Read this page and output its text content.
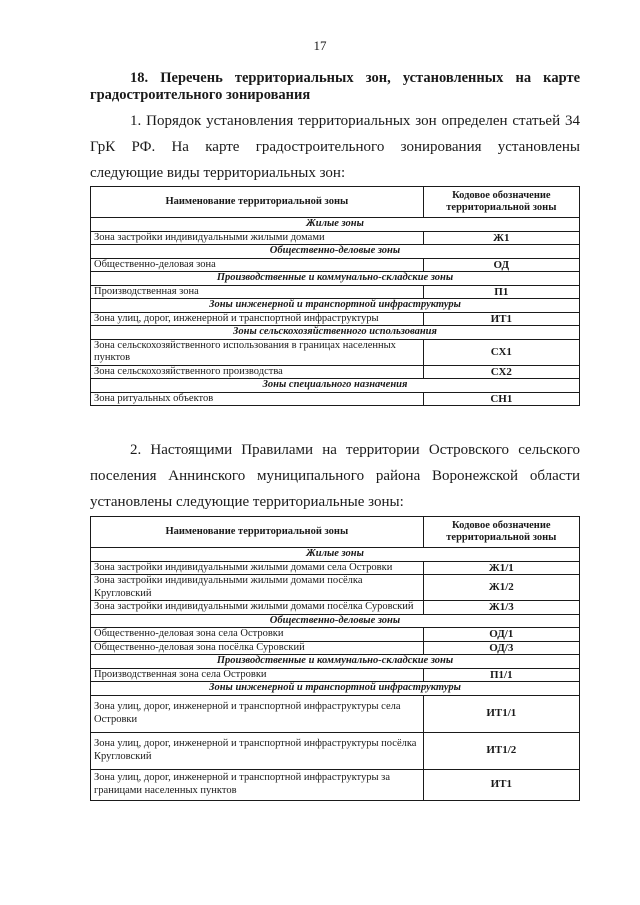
17
18. Перечень территориальных зон, установленных на карте градостроительного зонирования
1. Порядок установления территориальных зон определен статьей 34 ГрК РФ. На карте градостроительного зонирования установлены следующие виды территориальных зон:
Наименование территориальной зоны	Кодовое обозначение территориальной зоны
Жилые зоны	
Зона застройки индивидуальными жилыми домами	Ж1
Общественно-деловые зоны	
Общественно-деловая зона	ОД
Производственные и коммунально-складские зоны	
Производственная зона	П1
Зоны инженерной и транспортной инфраструктуры	
Зона улиц, дорог, инженерной и транспортной инфраструктуры	ИТ1
Зоны сельскохозяйственного использования	
Зона сельскохозяйственного использования в границах населенных пунктов	СХ1
Зона сельскохозяйственного производства	СХ2
Зоны специального назначения	
Зона ритуальных объектов	СН1
2. Настоящими Правилами на территории Островского сельского поселения Аннинского муниципального района Воронежской области установлены следующие территориальные зоны:
Наименование территориальной зоны	Кодовое обозначение территориальной зоны
Жилые зоны	
Зона застройки индивидуальными жилыми домами села Островки	Ж1/1
Зона застройки индивидуальными жилыми домами посёлка Кругловский	Ж1/2
Зона застройки индивидуальными жилыми домами посёлка Суровский	Ж1/3
Общественно-деловые зоны	
Общественно-деловая зона села Островки	ОД/1
Общественно-деловая зона посёлка Суровский	ОД/3
Производственные и коммунально-складские зоны	
Производственная зона села Островки	П1/1
Зоны инженерной и транспортной инфраструктуры	
Зона улиц, дорог, инженерной и транспортной инфраструктуры села Островки	ИТ1/1
Зона улиц, дорог, инженерной и транспортной инфраструктуры посёлка Кругловский	ИТ1/2
Зона улиц, дорог, инженерной и транспортной инфраструктуры за границами населенных пунктов	ИТ1
